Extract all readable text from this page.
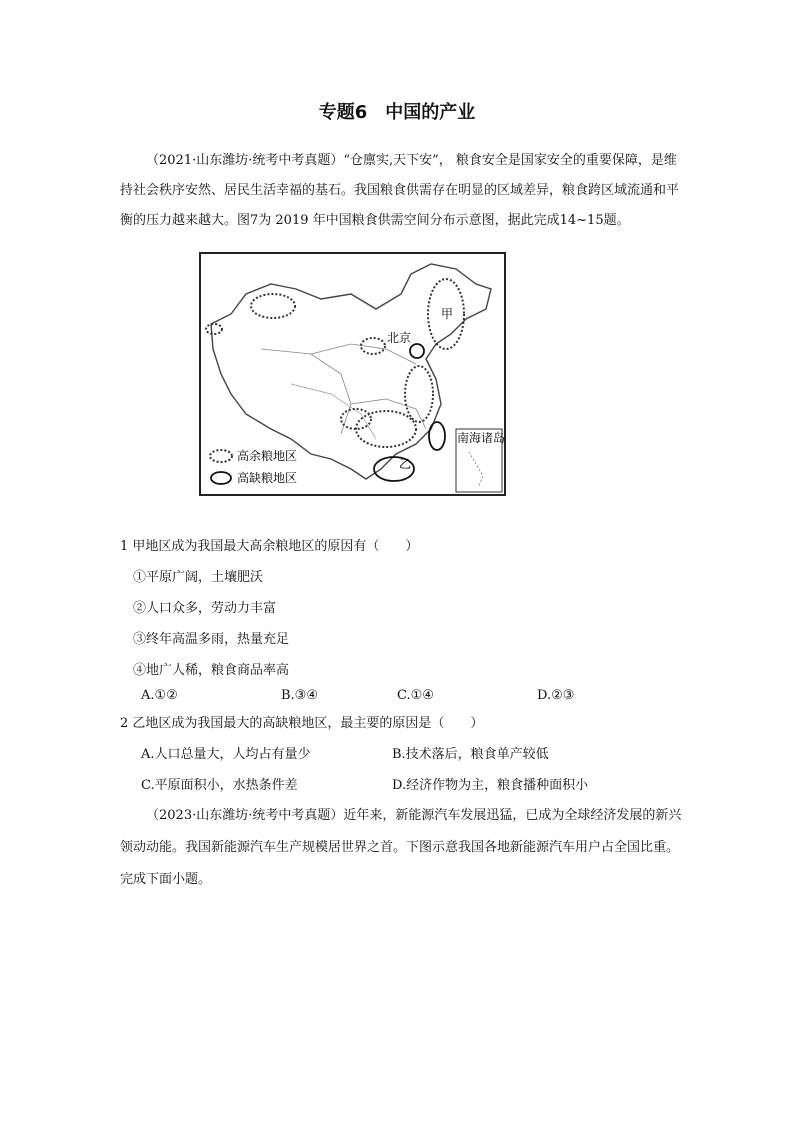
专题6　中国的产业
（2021·山东潍坊·统考中考真题）“仓廪实,天下安”， 粮食安全是国家安全的重要保障，是维持社会秩序安然、居民生活幸福的基石。我国粮食供需存在明显的区域差异，粮食跨区域流通和平衡的压力越来越大。图7为 2019 年中国粮食供需空间分布示意图，据此完成14~15题。
甲
乙
北京
南海诸岛
高余粮地区
高缺粮地区
1 甲地区成为我国最大高余粮地区的原因有（　　）
①平原广阔，土壤肥沃
②人口众多，劳动力丰富
③终年高温多雨，热量充足
④地广人稀，粮食商品率高
A.①②	B.③④	C.①④	D.②③
2 乙地区成为我国最大的高缺粮地区，最主要的原因是（　　）
A.人口总量大，人均占有量少	B.技术落后，粮食单产较低
C.平原面积小，水热条件差	D.经济作物为主，粮食播种面积小
（2023·山东潍坊·统考中考真题）近年来，新能源汽车发展迅猛，已成为全球经济发展的新兴领动动能。我国新能源汽车生产规模居世界之首。下图示意我国各地新能源汽车用户占全国比重。完成下面小题。
